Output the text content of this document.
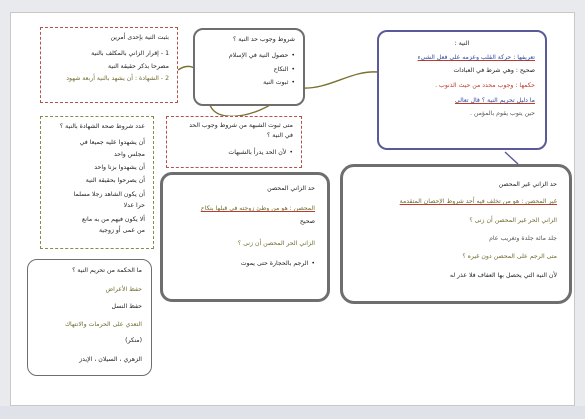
النية :
تعريفها : حركة القلب وعزمه على فعل الشيء
صحيح : وهي شرط في العبادات
حكمها : وجوب محدد من حيث الذنوب .
ما دليل تحريم النية ؟ قال تعالى
حين يتوب يقوم بالمؤمن .
شروط وجوب حد النية ؟
• حصول النية في الإسلام
• النكاح
• ثبوت النية
بثبت النية بإحدى أمرين
1 - إقرار الزاني بالمكلف بالنية
مصرحا بذكر حقيقة النية
2 - الشهادة : أن يشهد بالنية أربعة شهود
عدد شروط صحة الشهادة بالنية ؟
أن يشهدوا عليه جميعا في
مجلس واحد
أن يشهدوا بزنا واحد
أن يصرحوا بحقيقة النية
أن يكون الشاهد رجلا مسلما
حرا عدلا
ألا يكون فيهم من به مانع
من عمى أو زوجية
متى ثبوت الشبهة من شروط وجوب الحد
في النية ؟
• لأن الحد يدرأ بالشبهات
حد الزاني المحصن
المحصن : هو من وطئ زوجته في قبلها بنكاح
صحيح
الزاني الحر المحصن أن زنى ؟
• الرجم بالحجارة حتى يموت
حد الزاني غير المحصن
غير المحصن : هو من تخلف فيه أحد شروط الإحصان المتقدمة
الزاني الحر غير المحصن أن زنى ؟
جلد مائة جلدة وتغريب عام
متى الرجم على المحصن دون غيره ؟
لأن النية التي يحصل بها العفاف فلا عذر له
ما الحكمة من تحريم النية ؟
حفظ الأعراض
حفظ النسل
التعدي على الحرمات والانتهاك
(منكر)
الزهري ، السيلان ، الإيدز
